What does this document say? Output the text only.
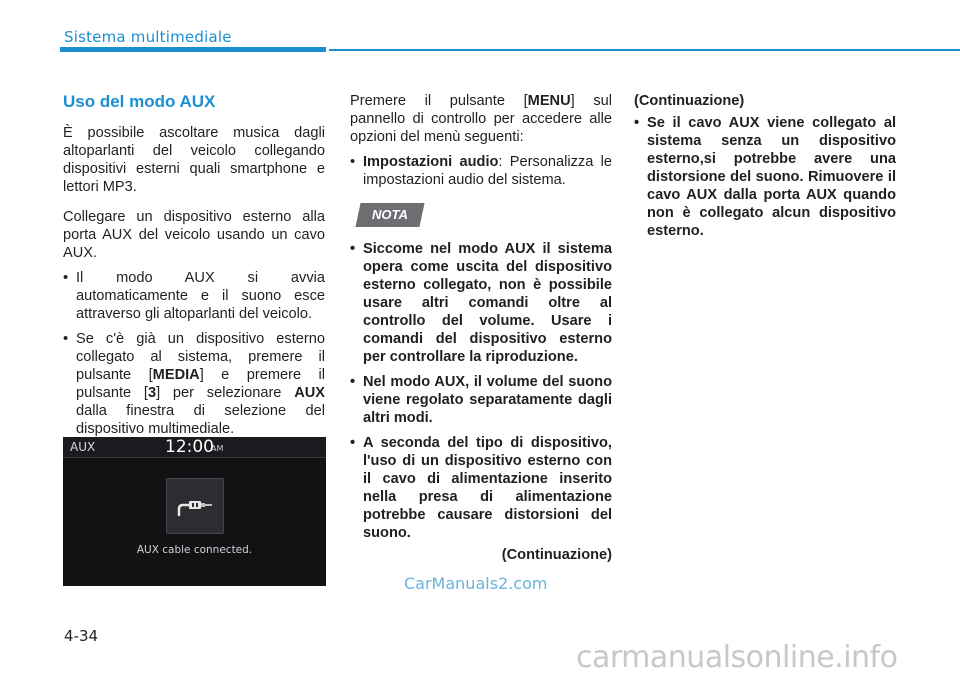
Sistema multimediale
Uso del modo AUX

È possibile ascoltare musica dagli altoparlanti del veicolo collegando dispositivi esterni quali smartphone e lettori MP3.

Collegare un dispositivo esterno alla porta AUX del veicolo usando un cavo AUX.

• Il modo AUX si avvia automaticamente e il suono esce attraverso gli altoparlanti del veicolo.
• Se c'è già un dispositivo esterno collegato al sistema, premere il pulsante [MEDIA] e premere il pulsante [3] per selezionare AUX dalla finestra di selezione del dispositivo multimediale.
AUX	12:00
AM
AUX cable connected.

Premere il pulsante [MENU] sul pannello di controllo per accedere alle opzioni del menù seguenti:

• Impostazioni audio: Personalizza le impostazioni audio del sistema.
NOTA
• Siccome nel modo AUX il sistema opera come uscita del dispositivo esterno collegato, non è possibile usare altri comandi oltre al controllo del volume. Usare i comandi del dispositivo esterno per controllare la riproduzione.
• Nel modo AUX, il volume del suono viene regolato separatamente dagli altri modi.
• A seconda del tipo di dispositivo, l'uso di un dispositivo esterno con il cavo di alimentazione inserito nella presa di alimentazione potrebbe causare distorsioni del suono.
(Continuazione)
(Continuazione)
• Se il cavo AUX viene collegato al sistema senza un dispositivo esterno,si potrebbe avere una distorsione del suono. Rimuovere il cavo AUX dalla porta AUX quando non è collegato alcun dispositivo esterno.
CarManuals2.com
4-34
carmanualsonline.info
